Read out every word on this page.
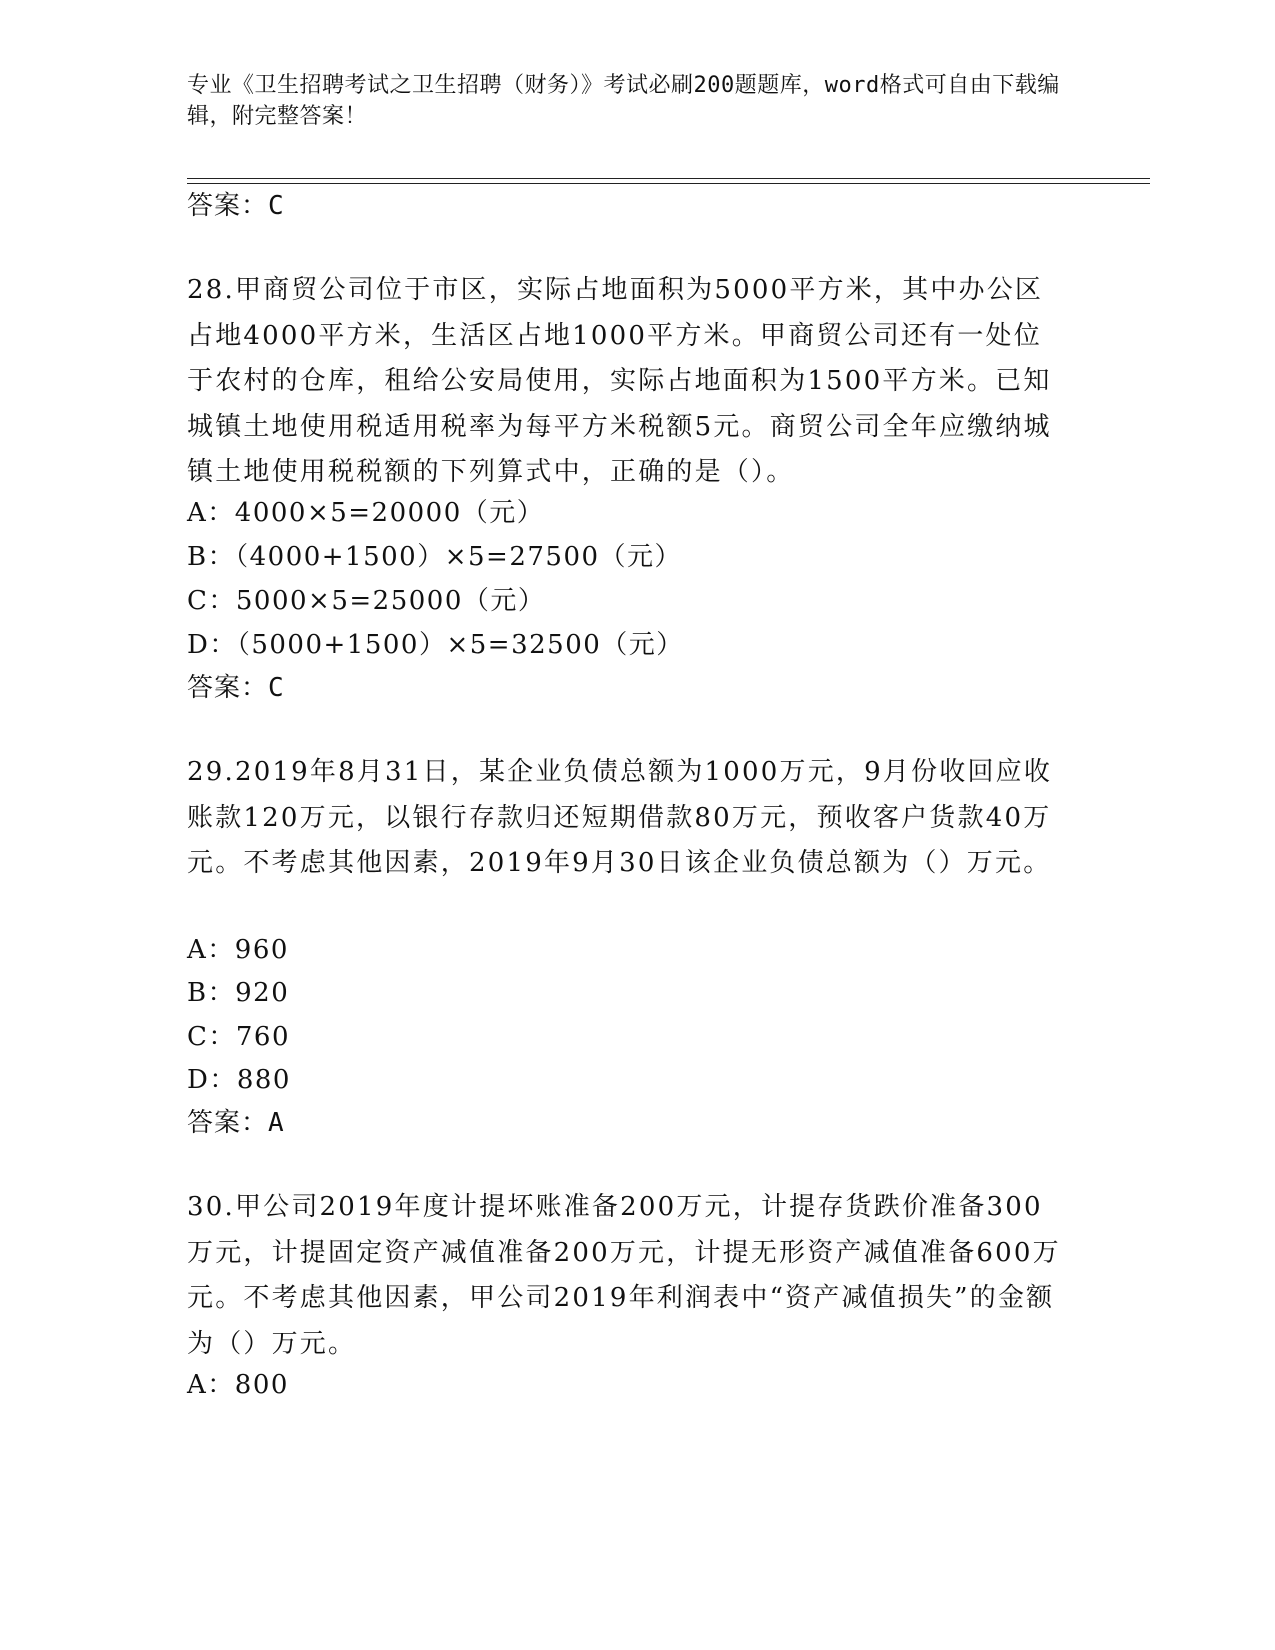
专业《卫生招聘考试之卫生招聘（财务）》考试必刷200题题库，word格式可自由下载编辑，附完整答案！
答案：C
28.甲商贸公司位于市区，实际占地面积为5000平方米，其中办公区占地4000平方米，生活区占地1000平方米。甲商贸公司还有一处位于农村的仓库，租给公安局使用，实际占地面积为1500平方米。已知城镇土地使用税适用税率为每平方米税额5元。商贸公司全年应缴纳城镇土地使用税税额的下列算式中，正确的是（）。
A：4000×5=20000（元）
B：（4000+1500）×5=27500（元）
C：5000×5=25000（元）
D：（5000+1500）×5=32500（元）
答案：C
29.2019年8月31日，某企业负债总额为1000万元，9月份收回应收账款120万元，以银行存款归还短期借款80万元，预收客户货款40万元。不考虑其他因素，2019年9月30日该企业负债总额为（）万元。
A：960
B：920
C：760
D：880
答案：A
30.甲公司2019年度计提坏账准备200万元，计提存货跌价准备300万元，计提固定资产减值准备200万元，计提无形资产减值准备600万元。不考虑其他因素，甲公司2019年利润表中“资产减值损失”的金额为（）万元。
A：800
